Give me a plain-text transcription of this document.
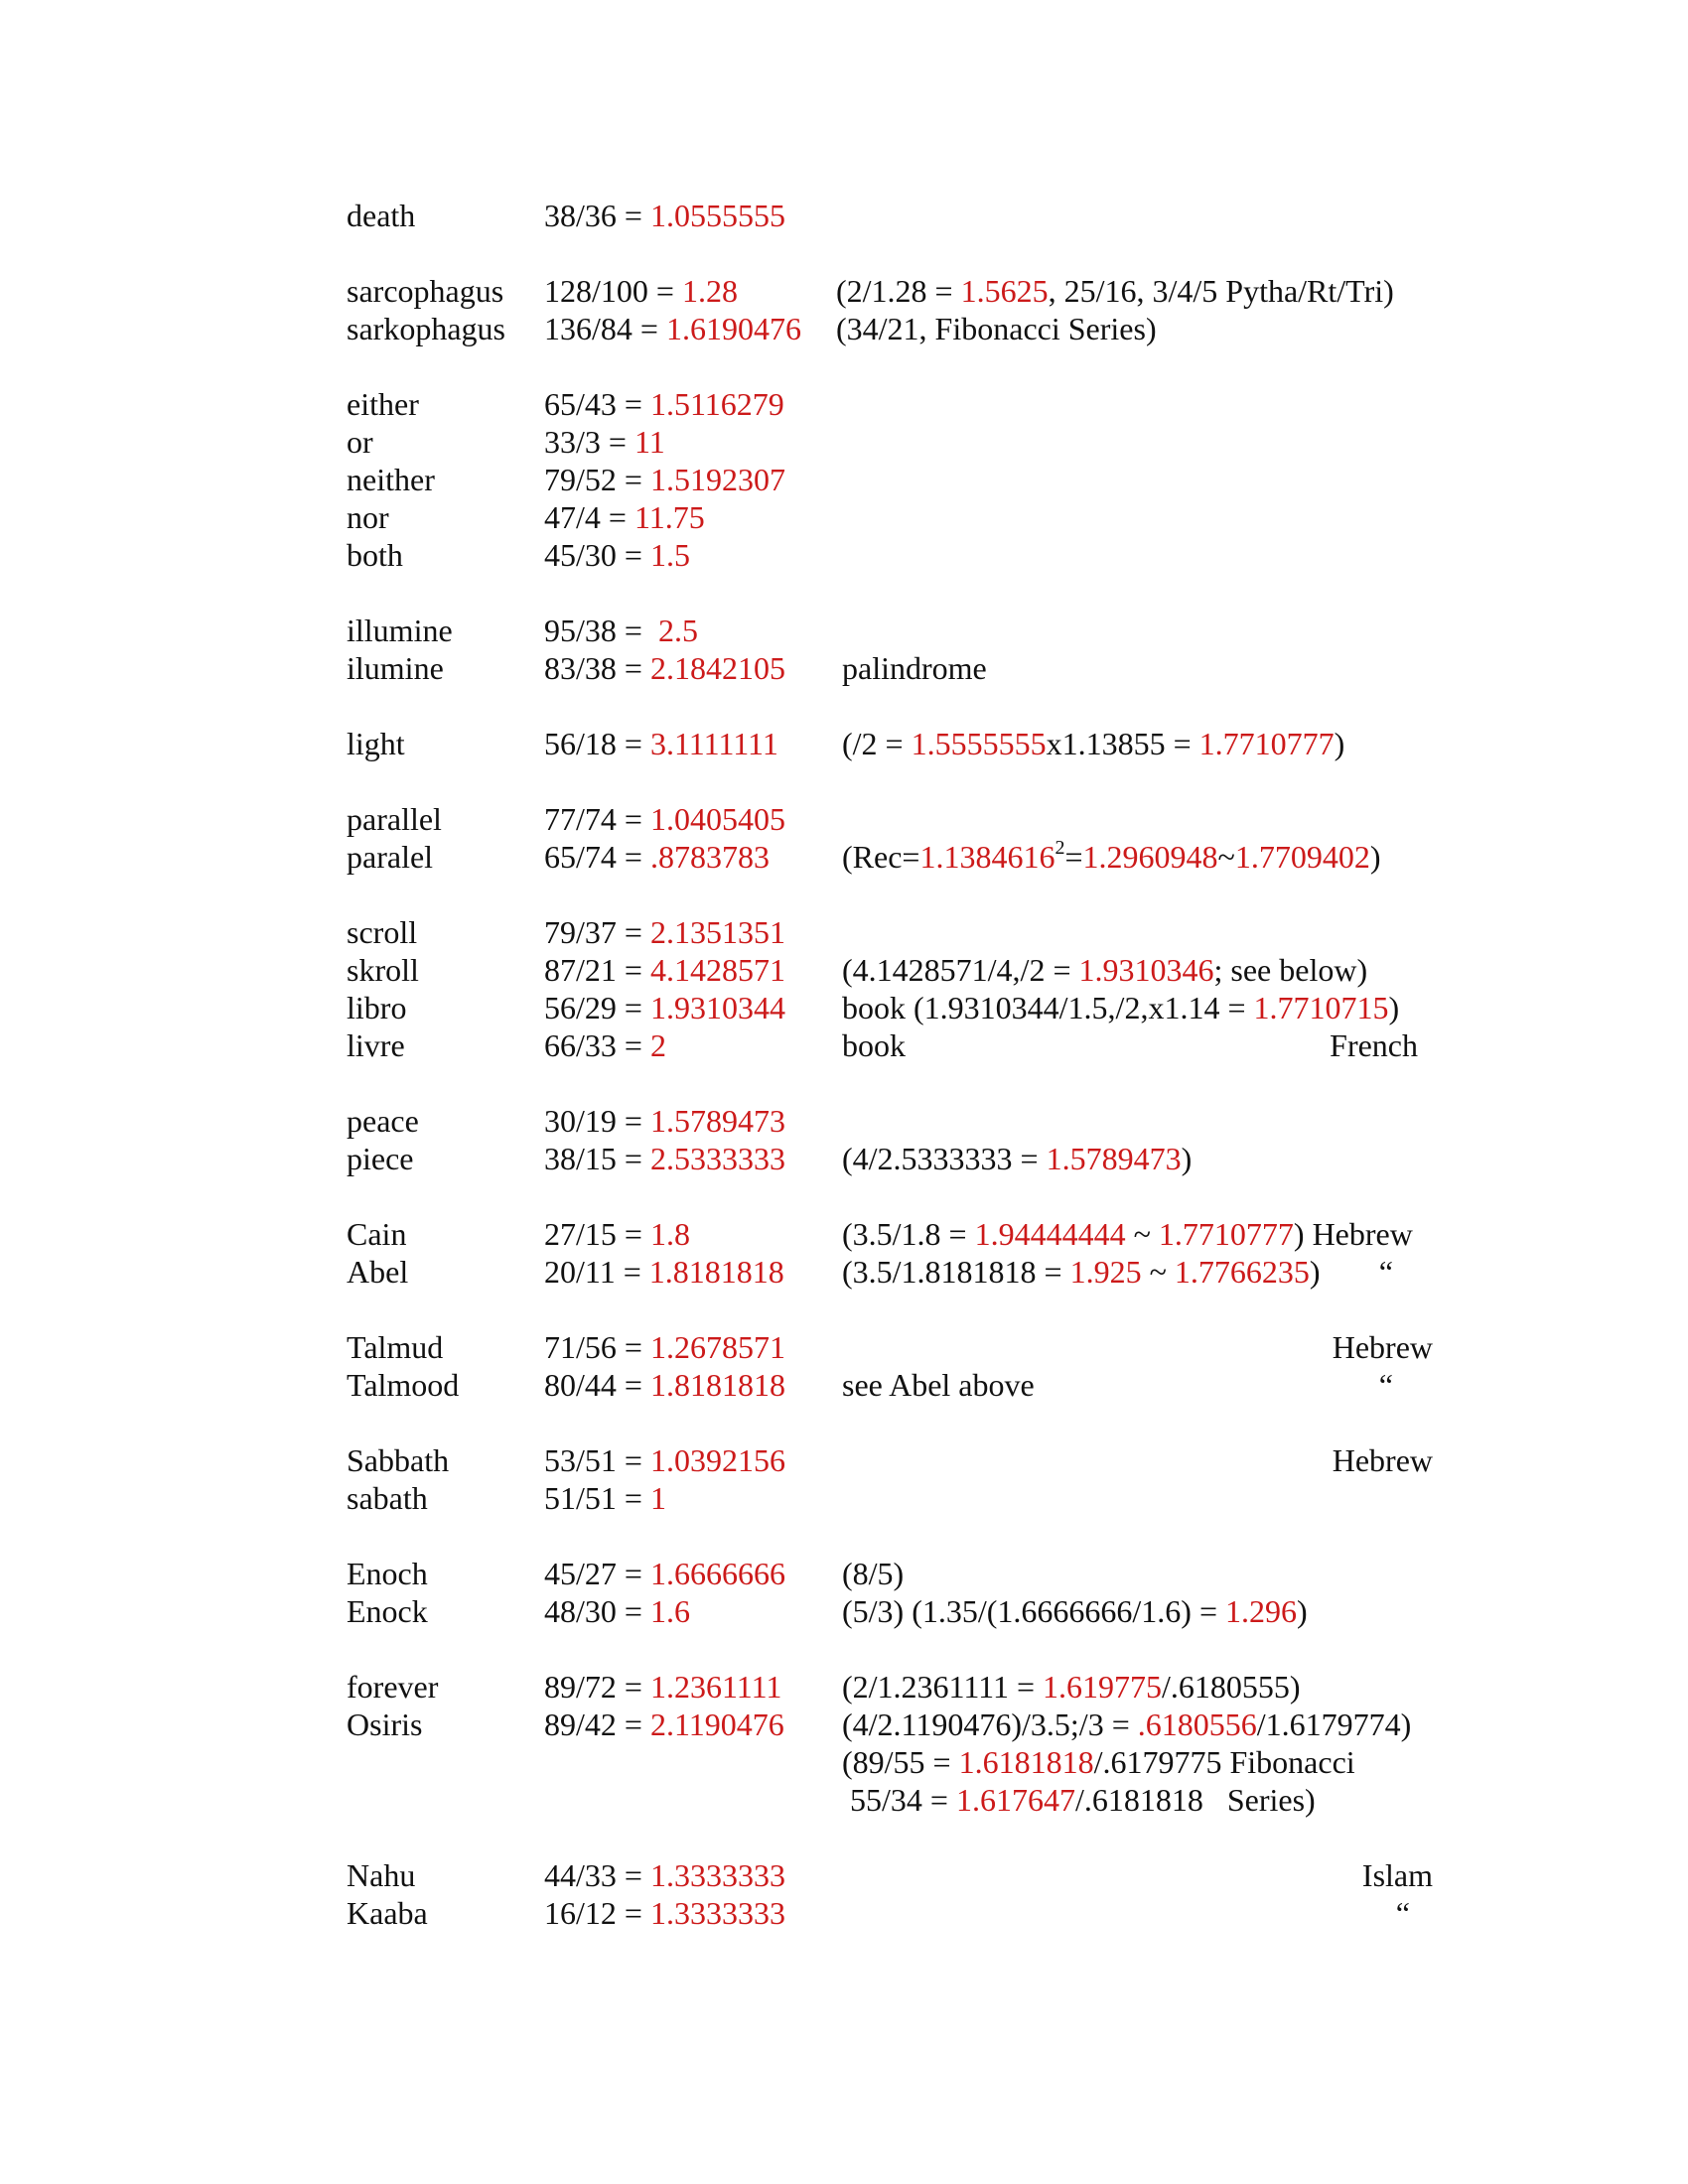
death	38/36 = 1.0555555
sarcophagus 128/100 = 1.28	(2/1.28 = 1.5625, 25/16, 3/4/5 Pytha/Rt/Tri)
sarkophagus 136/84 = 1.6190476 (34/21, Fibonacci Series)
either	65/43 = 1.5116279
or	33/3 = 11
neither	79/52 = 1.5192307
nor	47/4 = 11.75
both	45/30 = 1.5
illumine	95/38 = 2.5
ilumine	83/38 = 2.1842105 palindrome
light	56/18 = 3.1111111 (/2 = 1.5555555x1.13855 = 1.7710777)
parallel	77/74 = 1.0405405
paralel	65/74 = .8783783 $(Rec=1.1384616^2=1.2960948\sim 1.7709402)$
scroll	79/37 = 2.1351351
skroll	87/21 = 4.1428571 (4.1428571/4,/2 = 1.9310346; see below)
libro	56/29 = 1.9310344 book (1.9310344/1.5,/2,x1.14 = 1.7710715)
livre	66/33 = 2	book	French
peace	30/19 = 1.5789473
piece	38/15 = 2.5333333 (4/2.5333333 = 1.5789473)
Cain	27/15 = 1.8	(3.5/1.8 = 1.94444444 ~ 1.7710777) Hebrew
Abel	20/11 = 1.8181818 (3.5/1.8181818 = 1.925 ~ 1.7766235) “
Talmud	71/56 = 1.2678571	Hebrew
Talmood	80/44 = 1.8181818 see Abel above	“
Sabbath	53/51 = 1.0392156	Hebrew
sabath	51/51 = 1
Enoch	45/27 = 1.6666666 (8/5)
Enock	48/30 = 1.6	(5/3) (1.35/(1.6666666/1.6) = 1.296)
forever	89/72 = 1.2361111 (2/1.2361111 = 1.619775/.6180555)
Osiris	89/42 = 2.1190476 (4/2.1190476)/3.5;/3 = .6180556/1.6179774)
(89/55 = 1.6181818/.6179775 Fibonacci
55/34 = 1.617647/.6181818   Series)
Nahu	44/33 = 1.3333333	Islam
Kaaba	16/12 = 1.3333333	“
